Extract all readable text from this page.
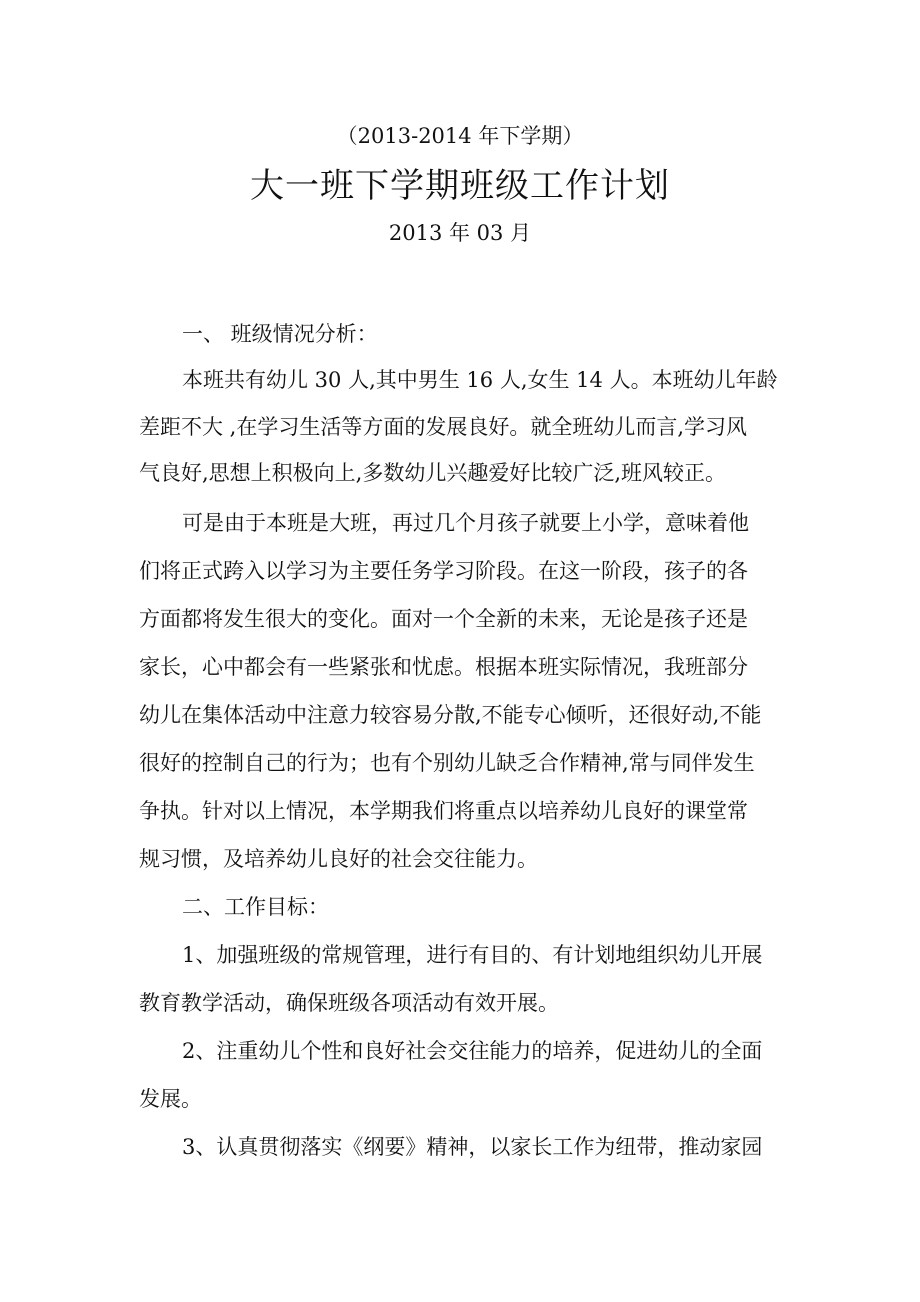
（2013-2014 年下学期）
大一班下学期班级工作计划
2013 年 03 月
一、 班级情况分析：
本班共有幼儿 30 人,其中男生 16 人,女生 14 人。本班幼儿年龄
差距不大 ,在学习生活等方面的发展良好。就全班幼儿而言,学习风
气良好,思想上积极向上,多数幼儿兴趣爱好比较广泛,班风较正。
可是由于本班是大班，再过几个月孩子就要上小学，意味着他
们将正式跨入以学习为主要任务学习阶段。在这一阶段，孩子的各
方面都将发生很大的变化。面对一个全新的未来，无论是孩子还是
家长，心中都会有一些紧张和忧虑。根据本班实际情况，我班部分
幼儿在集体活动中注意力较容易分散,不能专心倾听，还很好动,不能
很好的控制自己的行为；也有个别幼儿缺乏合作精神,常与同伴发生
争执。针对以上情况，本学期我们将重点以培养幼儿良好的课堂常
规习惯，及培养幼儿良好的社会交往能力。
二、工作目标：
1、加强班级的常规管理，进行有目的、有计划地组织幼儿开展
教育教学活动，确保班级各项活动有效开展。
2、注重幼儿个性和良好社会交往能力的培养，促进幼儿的全面
发展。
3、认真贯彻落实《纲要》精神，以家长工作为纽带，推动家园
